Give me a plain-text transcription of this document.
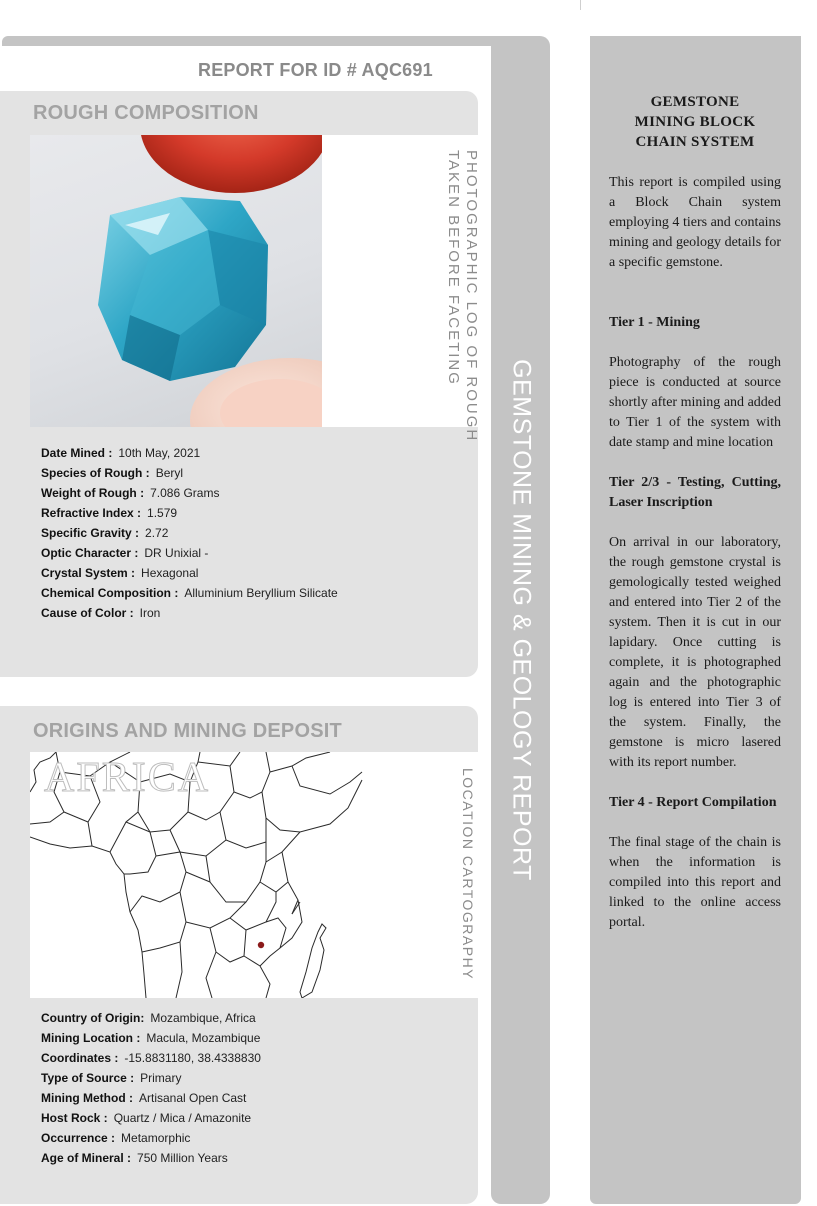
GEMSTONE MINING & GEOLOGY REPORT
REPORT FOR ID # AQC691
ROUGH COMPOSITION
PHOTOGRAPHIC LOG OF ROUGH
TAKEN BEFORE FACETING
Date Mined : 10th May, 2021
Species of Rough : Beryl
Weight of Rough : 7.086 Grams
Refractive Index : 1.579
Specific Gravity : 2.72
Optic Character : DR Unixial -
Crystal System : Hexagonal
Chemical Composition : Alluminium Beryllium Silicate
Cause of Color : Iron
ORIGINS AND MINING DEPOSIT
LOCATION CARTOGRAPHY
AFRICA
Country of Origin: Mozambique, Africa
Mining Location : Macula, Mozambique
Coordinates : -15.8831180, 38.4338830
Type of Source : Primary
Mining Method : Artisanal Open Cast
Host Rock : Quartz / Mica / Amazonite
Occurrence : Metamorphic
Age of Mineral : 750 Million Years
GEMSTONE
MINING BLOCK
CHAIN SYSTEM

This report is compiled using a Block Chain system employing 4 tiers and contains mining and geology details for a specific gemstone.

Tier 1 - Mining

Photography of the rough piece is conducted at source shortly after mining and added to Tier 1 of the system with date stamp and mine location

Tier 2/3 - Testing, Cutting, Laser Inscription

On arrival in our laboratory, the rough gemstone crystal is gemologically tested weighed and entered into Tier 2 of the system. Then it is cut in our lapidary. Once cutting is complete, it is photographed again and the photographic log is entered into Tier 3 of the system. Finally, the gemstone is micro lasered with its report number.

Tier 4 - Report Compilation

The final stage of the chain is when the information is compiled into this report and linked to the online access portal.
